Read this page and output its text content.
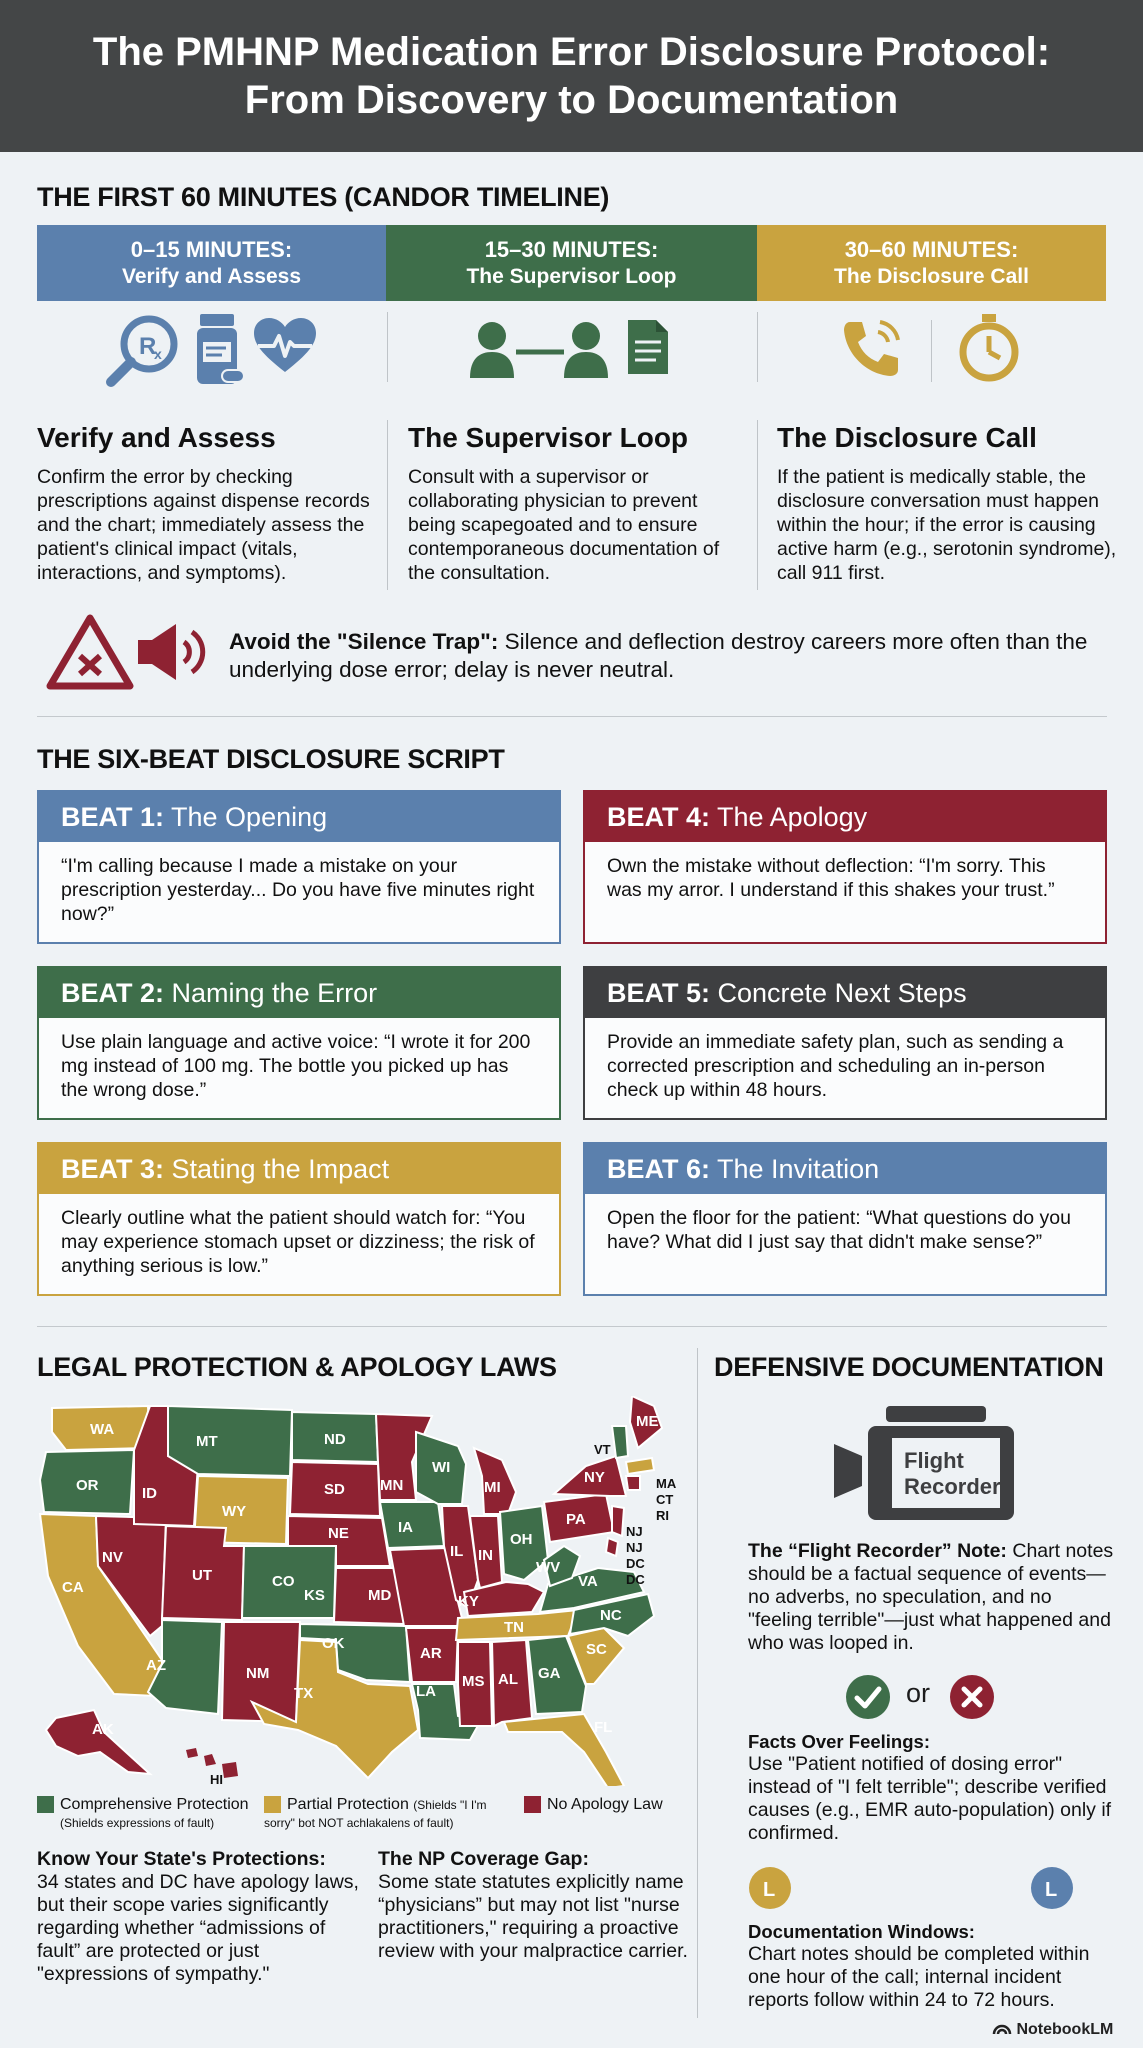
The PMHNP Medication Error Disclosure Protocol:
From Discovery to Documentation
THE FIRST 60 MINUTES (CANDOR TIMELINE)
0–15 MINUTES:
Verify and Assess
15–30 MINUTES:
The Supervisor Loop
30–60 MINUTES:
The Disclosure Call
R
x
Verify and Assess
Confirm the error by checking prescriptions against dispense records and the chart; immediately assess the patient's clinical impact (vitals, interactions, and symptoms).
The Supervisor Loop
Consult with a supervisor or collaborating physician to prevent being scapegoated and to ensure contemporaneous documentation of the consultation.
The Disclosure Call
If the patient is medically stable, the disclosure conversation must happen within the hour; if the error is causing active harm (e.g., serotonin syndrome), call 911 first.
Avoid the "Silence Trap": Silence and deflection destroy careers more often than the underlying dose error; delay is never neutral.
THE SIX-BEAT DISCLOSURE SCRIPT
BEAT 1: The Opening
“I'm calling because I made a mistake on your prescription yesterday... Do you have five minutes right now?”
BEAT 4: The Apology
Own the mistake without deflection: “I'm sorry. This was my arror. I understand if this shakes your trust.”
BEAT 2: Naming the Error
Use plain language and active voice: “I wrote it for 200 mg instead of 100 mg. The bottle you picked up has the wrong dose.”
BEAT 5: Concrete Next Steps
Provide an immediate safety plan, such as sending a corrected prescription and scheduling an in-person check up within 48 hours.
BEAT 3: Stating the Impact
Clearly outline what the patient should watch for: “You may experience stomach upset or dizziness; the risk of anything serious is low.”
BEAT 6: The Invitation
Open the floor for the patient: “What questions do you have? What did I just say that didn't make sense?”
LEGAL PROTECTION & APOLOGY LAWS
WA
OR
MT	ND
MN
WI
MI
VT
ME
ID	SD
WY
NY	MA
CT
RI
IA
NV
NE
PA
NJ
NJ
DC
DC
CA
UT	CO
KS	MD
IL IN
OH
WV
VA
KY
AZ	NM
OK
AR
TN
NC
SC
GA
MS AL
LA
TX
FL
AK
HI
Comprehensive Protection
(Shields expressions of fault)
Partial Protection (Shields "I I'm sorry" bot NOT achlakalens of fault)
No Apology Law
Know Your State's Protections:
34 states and DC have apology laws, but their scope varies significantly regarding whether “admissions of fault” are protected or just "expressions of sympathy."
The NP Coverage Gap:
Some state statutes explicitly name “physicians” but may not list "nurse practitioners," requiring a proactive review with your malpractice carrier.
DEFENSIVE DOCUMENTATION
Flight
Recorder
The “Flight Recorder” Note: Chart notes should be a factual sequence of events—no adverbs, no speculation, and no "feeling terrible"—just what happened and who was looped in.
or
Facts Over Feelings:
Use "Patient notified of dosing error" instead of "I felt terrible"; describe verified causes (e.g., EMR auto-population) only if confirmed.
L	L
Documentation Windows:
Chart notes should be completed within one hour of the call; internal incident reports follow within 24 to 72 hours.
NotebookLM
